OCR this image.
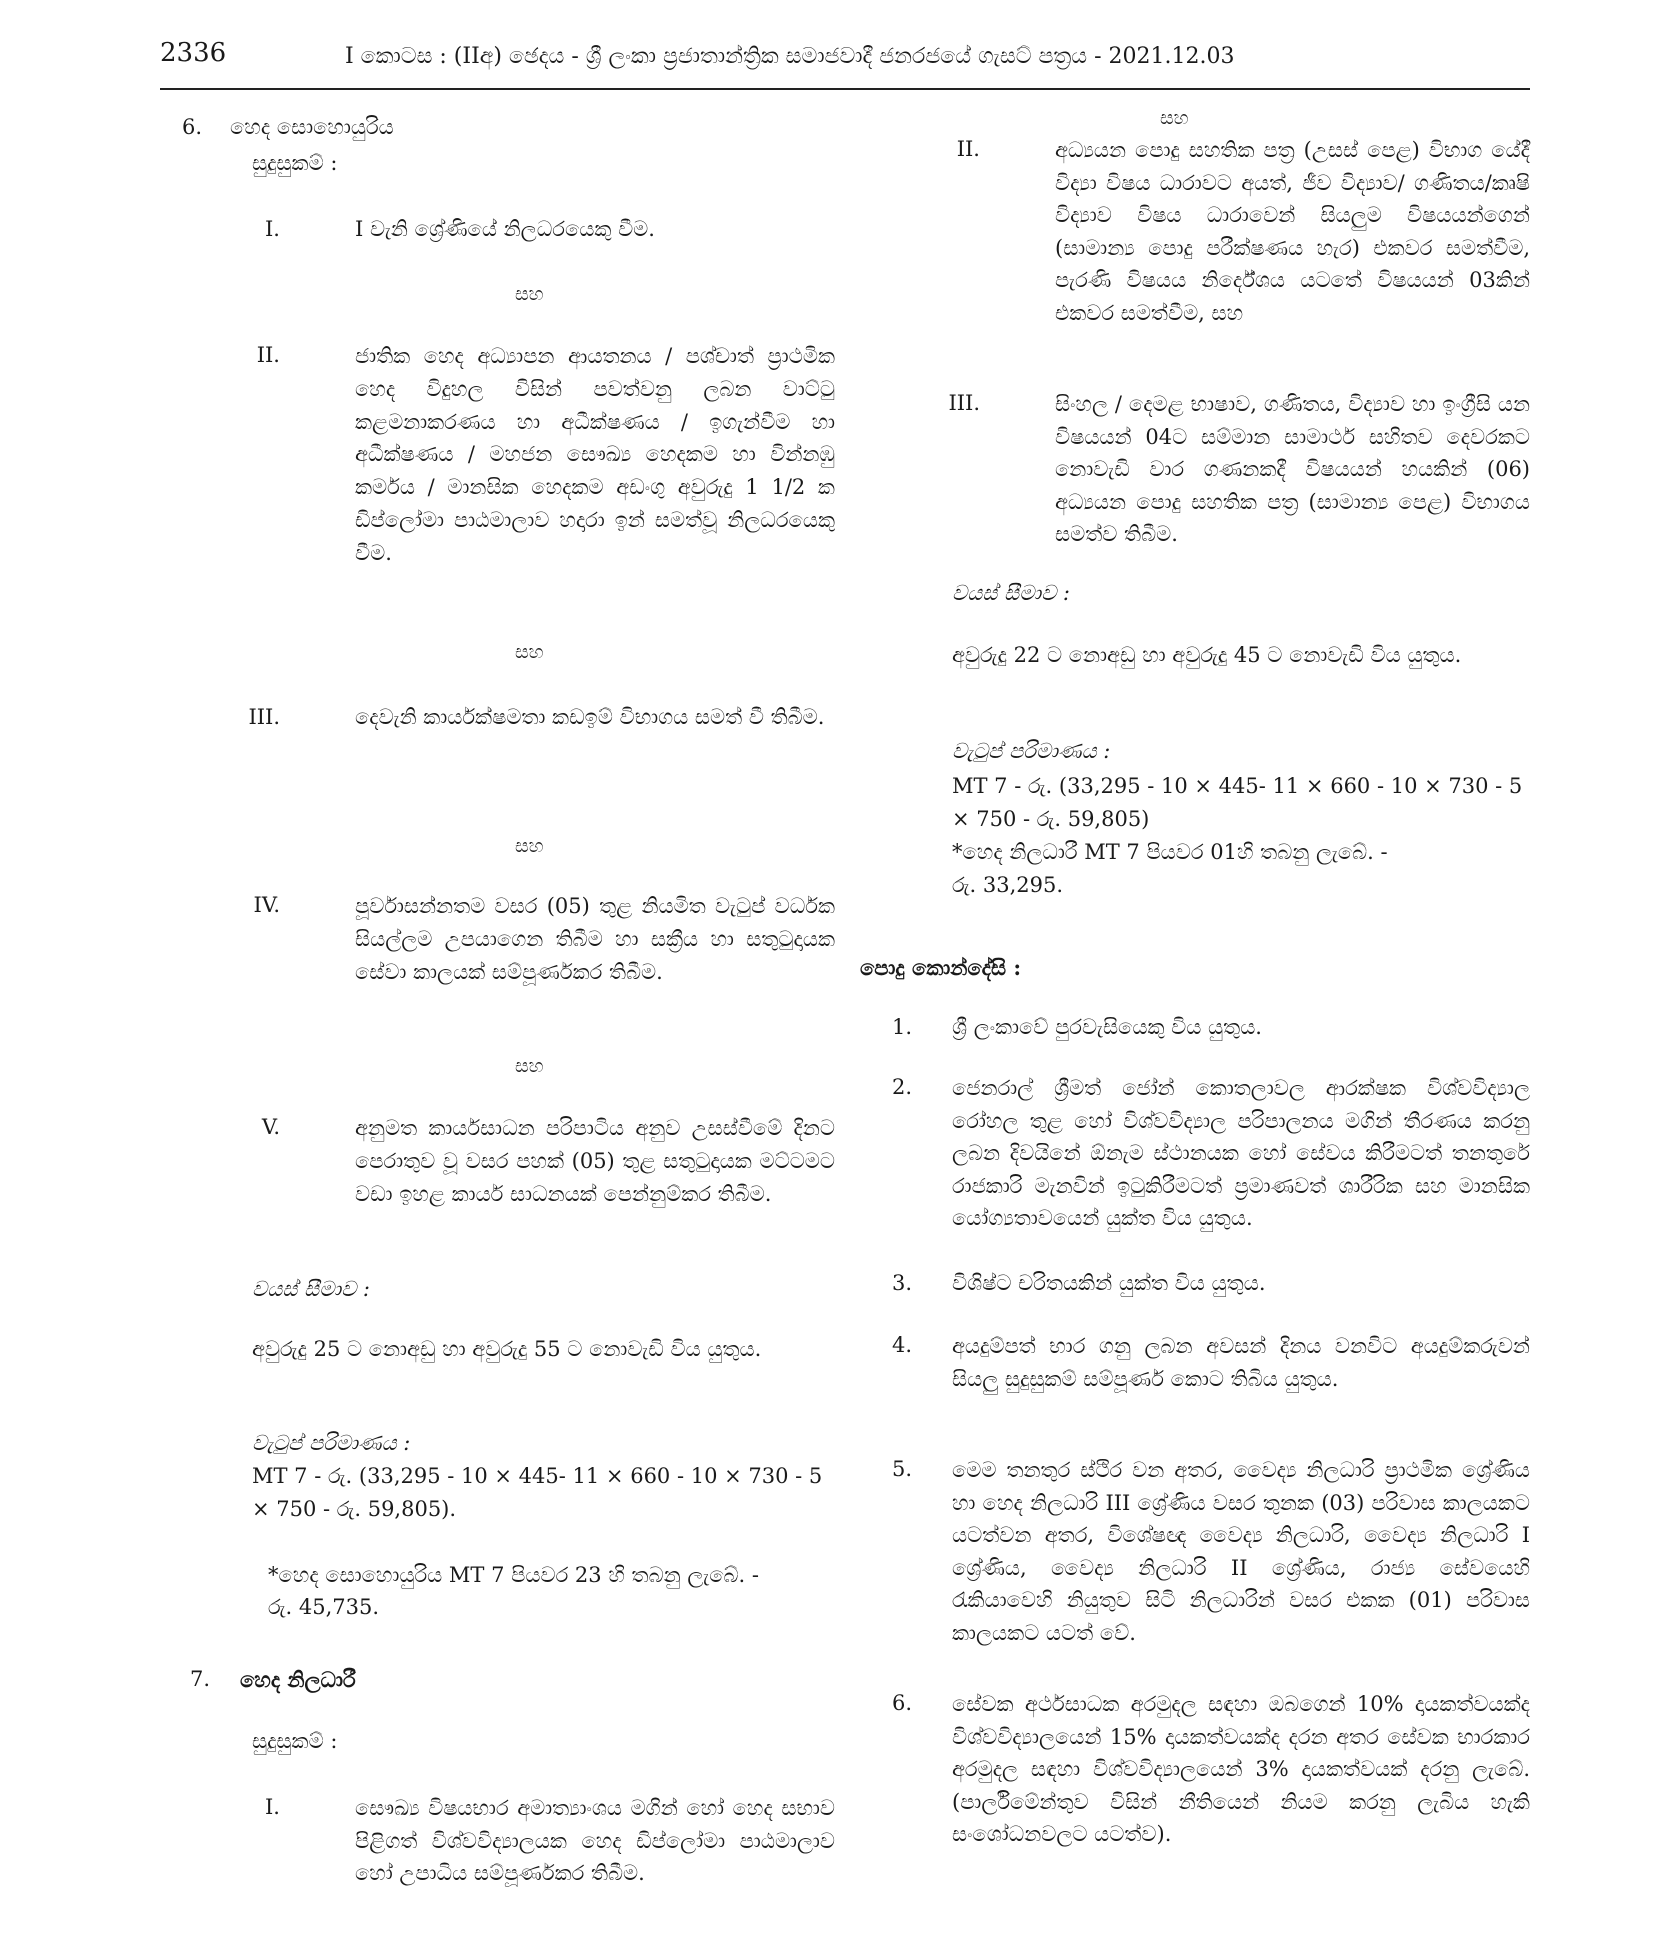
2336	I කොටස : (IIඅ) ඡෙදය - ශ්‍රී ලංකා ප්‍රජාතාන්ත්‍රික සමාජවාදී ජනරජයේ ගැසට් පත්‍රය - 2021.12.03
6. හෙද සොහොයුරිය
සුදුසුකම් :
I.	I වැනි ශ්‍රේණියේ නිලධරයෙකු වීම.
සහ
II.	ජාතික හෙද අධ්‍යාපන ආයතනය / පශ්චාත් ප්‍රාථමික හෙද විදුහල විසින් පවත්වනු ලබන වාට්ටු කළමනාකරණය හා අධීක්ෂණය / ඉගැන්වීම හා අධීක්ෂණය / මහජන සෞඛ්‍ය හෙදකම හා වින්නඹු කර්මය / මානසික හෙදකම අඩංගු අවුරුදු 1 1/2 ක ඩිප්ලෝමා පාඨමාලාව හදාරා ඉන් සමත්වූ නිලධරයෙකු වීම.
සහ
III.	දෙවැනි කාර්යක්ෂමතා කඩඉම් විභාගය සමත් වී තිබීම.
සහ
IV.	පූර්වාසන්නතම වසර (05) තුළ නියමිත වැටුප් වර්ධක සියල්ලම උපයාගෙන තිබීම හා සක්‍රීය හා සතුටුදායක සේවා කාලයක් සම්පූර්ණකර තිබීම.
සහ
V.	අනුමත කාර්යසාධන පරිපාටිය අනුව උසස්වීමේ දිනට පෙරාතුව වූ වසර පහක් (05) තුළ සතුටුදායක මට්ටමට වඩා ඉහළ කාර්ය සාධනයක් පෙන්නුම්කර තිබීම.
වයස් සීමාව :
අවුරුදු 25 ට නොඅඩු හා අවුරුදු 55 ට නොවැඩි විය යුතුය.
වැටුප් පරිමාණය :
MT 7 - රු. (33,295 - 10 × 445- 11 × 660 - 10 × 730 - 5 × 750 - රු. 59,805).
*හෙද සොහොයුරිය MT 7 පියවර 23 හි තබනු ලැබේ. - රු. 45,735.
7. හෙද නිලධාරී
සුදුසුකම් :
I.	සෞඛ්‍ය විෂයභාර අමාත්‍යාංශය මගින් හෝ හෙද සභාව පිළිගත් විශ්වවිද්‍යාලයක හෙද ඩිප්ලෝමා පාඨමාලාව හෝ උපාධිය සම්පූර්ණකර තිබීම.
සහ
II.	අධ්‍යයන පොදු සහතික පත්‍ර (උසස් පෙළ) විභාග යේදී විද්‍යා විෂය ධාරාවට අයත්, ජීව විද්‍යාව/ ගණිතය/කෘෂි විද්‍යාව විෂය ධාරාවෙන් සියලුම විෂයයන්ගෙන් (සාමාන්‍ය පොදු පරීක්ෂණය හැර) එකවර සමත්වීම, පැරණි විෂයය නිර්දේශය යටතේ විෂයයන් 03කින් එකවර සමත්වීම, සහ
III.	සිංහල / දෙමළ භාෂාව, ගණිතය, විද්‍යාව හා ඉංග්‍රීසි යන විෂයයන් 04ට සම්මාන සාමාර්ථ සහිතව දෙවරකට නොවැඩි වාර ගණනකදී විෂයයන් හයකින් (06) අධ්‍යයන පොදු සහතික පත්‍ර (සාමාන්‍ය පෙළ) විභාගය සමත්ව තිබීම.
වයස් සීමාව :
අවුරුදු 22 ට නොඅඩු හා අවුරුදු 45 ට නොවැඩි විය යුතුය.
වැටුප් පරිමාණය :
MT 7 - රු. (33,295 - 10 × 445- 11 × 660 - 10 × 730 - 5 × 750 - රු. 59,805)
*හෙද නිලධාරී MT 7 පියවර 01හි තබනු ලැබේ. - රු. 33,295.
පොදු කොන්දේසි :
1. ශ්‍රී ලංකාවේ පුරවැසියෙකු විය යුතුය.
2. ජෙනරාල් ශ්‍රීමත් ජෝන් කොතලාවල ආරක්ෂක විශ්වවිද්‍යාල රෝහල තුළ හෝ විශ්වවිද්‍යාල පරිපාලනය මගින් තීරණය කරනු ලබන දිවයිනේ ඕනැම ස්ථානයක හෝ සේවය කිරීමටත් තනතුරේ රාජකාරි මැනවින් ඉටුකිරීමටත් ප්‍රමාණවත් ශාරීරික සහ මානසික යෝග්‍යතාවයෙන් යුක්ත විය යුතුය.
3. විශිෂ්ට චරිතයකින් යුක්ත විය යුතුය.
4. අයදුම්පත් භාර ගනු ලබන අවසන් දිනය වනවිට අයදුම්කරුවන් සියලු සුදුසුකම් සම්පූර්ණ කොට තිබිය යුතුය.
5. මෙම තනතුර ස්ථිර වන අතර, වෛද්‍ය නිලධාරි ප්‍රාථමික ශ්‍රේණිය හා හෙද නිලධාරි III ශ්‍රේණිය වසර තුනක (03) පරිවාස කාලයකට යටත්වන අතර, විශේෂඥ වෛද්‍ය නිලධාරි, වෛද්‍ය නිලධාරි I ශ්‍රේණිය, වෛද්‍ය නිලධාරි II ශ්‍රේණිය, රාජ්‍ය සේවයෙහි රැකියාවෙහි නියුතුව සිටි නිලධාරින් වසර එකක (01) පරිවාස කාලයකට යටත් වේ.
6. සේවක අර්ථසාධක අරමුදල සඳහා ඔබගෙන් 10% දායකත්වයක්ද විශ්වවිද්‍යාලයෙන් 15% දායකත්වයක්ද දරන අතර සේවක භාරකාර අරමුදල සඳහා විශ්වවිද්‍යාලයෙන් 3% දායකත්වයක් දරනු ලැබේ. (පාර්ලිමේන්තුව විසින් නීතියෙන් නියම කරනු ලැබිය හැකි සංශෝධනවලට යටත්ව).
